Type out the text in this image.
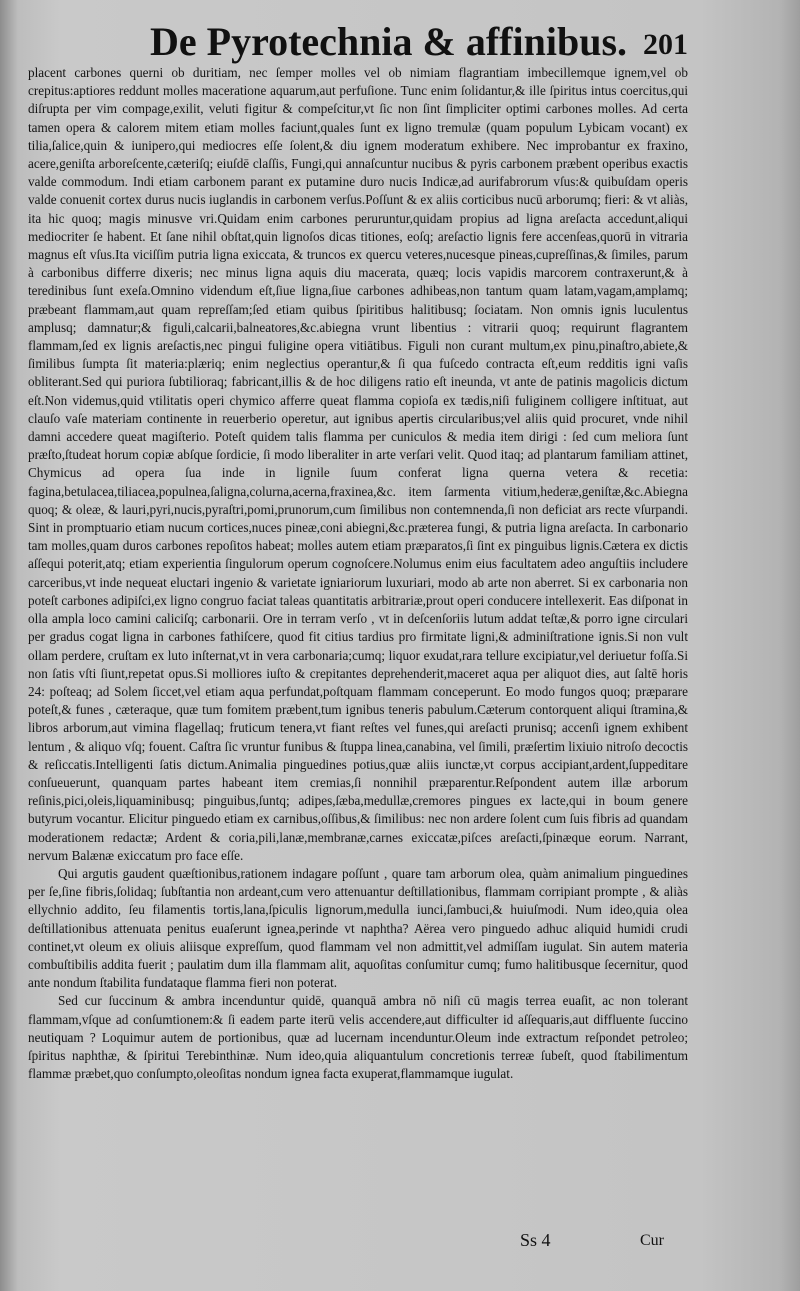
De Pyrotechnia & affinibus. 201

placent carbones querni ob duritiam, nec ſemper molles vel ob nimiam flagrantiam imbecillemque ignem,vel ob crepitus:aptiores reddunt molles maceratione aquarum,aut perfuſione. Tunc enim ſolidantur,& ille ſpiritus intus coercitus,qui diſrupta per vim compage,exilit, veluti figitur & compeſcitur,vt ſic non ſint ſimpliciter optimi carbones molles. Ad certa tamen opera & calorem mitem etiam molles faciunt,quales ſunt ex ligno tremulæ (quam populum Lybicam vocant) ex tilia,ſalice,quin & iunipero,qui mediocres eſſe ſolent,& diu ignem moderatum exhibere. Nec improbantur ex fraxino, acere,geniſta arboreſcente,cæteriſq; eiuſdē claſſis, Fungi,qui annaſcuntur nucibus & pyris carbonem præbent operibus exactis valde commodum. Indi etiam carbonem parant ex putamine duro nucis Indicæ,ad aurifabrorum vſus:& quibuſdam operis valde conuenit cortex durus nucis iuglandis in carbonem verſus.Poſſunt & ex aliis corticibus nucū arborumq; fieri: & vt aliàs, ita hic quoq; magis minusve vri.Quidam enim carbones peruruntur,quidam propius ad ligna areſacta accedunt,aliqui mediocriter ſe habent. Et ſane nihil obſtat,quin lignoſos dicas titiones, eoſq; areſactio lignis fere accenſeas,quorū in vitraria magnus eſt vſus.Ita viciſſim putria ligna exiccata, & truncos ex quercu veteres,nucesque pineas,cupreſſinas,& ſimiles, parum à carbonibus differre dixeris; nec minus ligna aquis diu macerata, quæq; locis vapidis marcorem contraxerunt,& à teredinibus ſunt exeſa.Omnino videndum eſt,ſiue ligna,ſiue carbones adhibeas,non tantum quam latam,vagam,amplamq; præbeant flammam,aut quam repreſſam;ſed etiam quibus ſpiritibus halitibusq; ſociatam. Non omnis ignis luculentus amplusq; damnatur;& figuli,calcarii,balneatores,&c.abiegna vrunt libentius : vitrarii quoq; requirunt flagrantem flammam,ſed ex lignis areſactis,nec pingui fuligine opera vitiātibus. Figuli non curant multum,ex pinu,pinaſtro,abiete,& ſimilibus ſumpta ſit materia:plæriq; enim neglectius operantur,& ſi qua fuſcedo contracta eſt,eum redditis igni vaſis obliterant.Sed qui puriora ſubtilioraq; fabricant,illis & de hoc diligens ratio eſt ineunda, vt ante de patinis magolicis dictum eſt.Non videmus,quid vtilitatis operi chymico afferre queat flamma copioſa ex tædis,niſi fuliginem colligere inſtituat, aut clauſo vaſe materiam continente in reuerberio operetur, aut ignibus apertis circularibus;vel aliis quid procuret, vnde nihil damni accedere queat magiſterio. Poteſt quidem talis flamma per cuniculos & media item dirigi : ſed cum meliora ſunt præſto,ſtudeat horum copiæ abſque ſordicie, ſi modo liberaliter in arte verſari velit. Quod itaq; ad plantarum familiam attinet, Chymicus ad opera ſua inde in lignile ſuum conferat ligna querna vetera & recetia: fagina,betulacea,tiliacea,populnea,ſaligna,colurna,acerna,fraxinea,&c. item ſarmenta vitium,hederæ,geniſtæ,&c.Abiegna quoq; & oleæ, & lauri,pyri,nucis,pyraſtri,pomi,prunorum,cum ſimilibus non contemnenda,ſi non deficiat ars recte vſurpandi. Sint in promptuario etiam nucum cortices,nuces pineæ,coni abiegni,&c.præterea fungi, & putria ligna areſacta. In carbonario tam molles,quam duros carbones repoſitos habeat; molles autem etiam præparatos,ſi ſint ex pinguibus lignis.Cætera ex dictis aſſequi poterit,atq; etiam experientia ſingulorum operum cognoſcere.Nolumus enim eius facultatem adeo anguſtiis includere carceribus,vt inde nequeat eluctari ingenio & varietate igniariorum luxuriari, modo ab arte non aberret. Si ex carbonaria non poteſt carbones adipiſci,ex ligno congruo faciat taleas quantitatis arbitrariæ,prout operi conducere intellexerit. Eas diſponat in olla ampla loco camini caliciſq; carbonarii. Ore in terram verſo , vt in deſcenſoriis lutum addat teſtæ,& porro igne circulari per gradus cogat ligna in carbones fathiſcere, quod fit citius tardius pro firmitate ligni,& adminiſtratione ignis.Si non vult ollam perdere, cruſtam ex luto inſternat,vt in vera carbonaria;cumq; liquor exudat,rara tellure excipiatur,vel deriuetur foſſa.Si non ſatis vſti ſiunt,repetat opus.Si molliores iuſto & crepitantes deprehenderit,maceret aqua per aliquot dies, aut ſaltē horis 24: poſteaq; ad Solem ſiccet,vel etiam aqua perfundat,poſtquam flammam conceperunt. Eo modo fungos quoq; præparare poteſt,& funes , cæteraque, quæ tum fomitem præbent,tum ignibus teneris pabulum.Cæterum contorquent aliqui ſtramina,& libros arborum,aut vimina flagellaq; fruticum tenera,vt fiant reſtes vel funes,qui areſacti prunisq; accenſi ignem exhibent lentum , & aliquo vſq; fouent. Caſtra ſic vruntur funibus & ſtuppa linea,canabina, vel ſimili, præſertim lixiuio nitroſo decoctis & reſiccatis.Intelligenti ſatis dictum.Animalia pinguedines potius,quæ aliis iunctæ,vt corpus accipiant,ardent,ſuppeditare conſueuerunt, quanquam partes habeant item cremias,ſi nonnihil præparentur.Reſpondent autem illæ arborum reſinis,pici,oleis,liquaminibusq; pinguibus,ſuntq; adipes,ſæba,medullæ,cremores pingues ex lacte,qui in boum genere butyrum vocantur. Elicitur pinguedo etiam ex carnibus,oſſibus,& ſimilibus: nec non ardere ſolent cum ſuis fibris ad quandam moderationem redactæ; Ardent & coria,pili,lanæ,membranæ,carnes exiccatæ,piſces areſacti,ſpinæque eorum. Narrant, nervum Balænæ exiccatum pro face eſſe.

Qui argutis gaudent quæſtionibus,rationem indagare poſſunt , quare tam arborum olea, quàm animalium pinguedines per ſe,ſine fibris,ſolidaq; ſubſtantia non ardeant,cum vero attenuantur deſtillationibus, flammam corripiant prompte , & aliàs ellychnio addito, ſeu filamentis tortis,lana,ſpiculis lignorum,medulla iunci,ſambuci,& huiuſmodi. Num ideo,quia olea deſtillationibus attenuata penitus euaſerunt ignea,perinde vt naphtha? Aërea vero pinguedo adhuc aliquid humidi crudi continet,vt oleum ex oliuis aliisque expreſſum, quod flammam vel non admittit,vel admiſſam iugulat. Sin autem materia combuſtibilis addita fuerit ; paulatim dum illa flammam alit, aquoſitas conſumitur cumq; fumo halitibusque ſecernitur, quod ante nondum ſtabilita fundataque flamma fieri non poterat.

Sed cur ſuccinum & ambra incenduntur quidē, quanquā ambra nō niſi cū magis terrea euaſit, ac non tolerant flammam,vſque ad conſumtionem:& ſi eadem parte iterū velis accendere,aut difficulter id aſſequaris,aut diffluente ſuccino neutiquam ? Loquimur autem de portionibus, quæ ad lucernam incenduntur.Oleum inde extractum reſpondet petroleo; ſpiritus naphthæ, & ſpiritui Terebinthinæ. Num ideo,quia aliquantulum concretionis terreæ ſubeſt, quod ſtabilimentum flammæ præbet,quo conſumpto,oleoſitas nondum ignea facta exuperat,flammamque iugulat.

Ss 4	Cur
